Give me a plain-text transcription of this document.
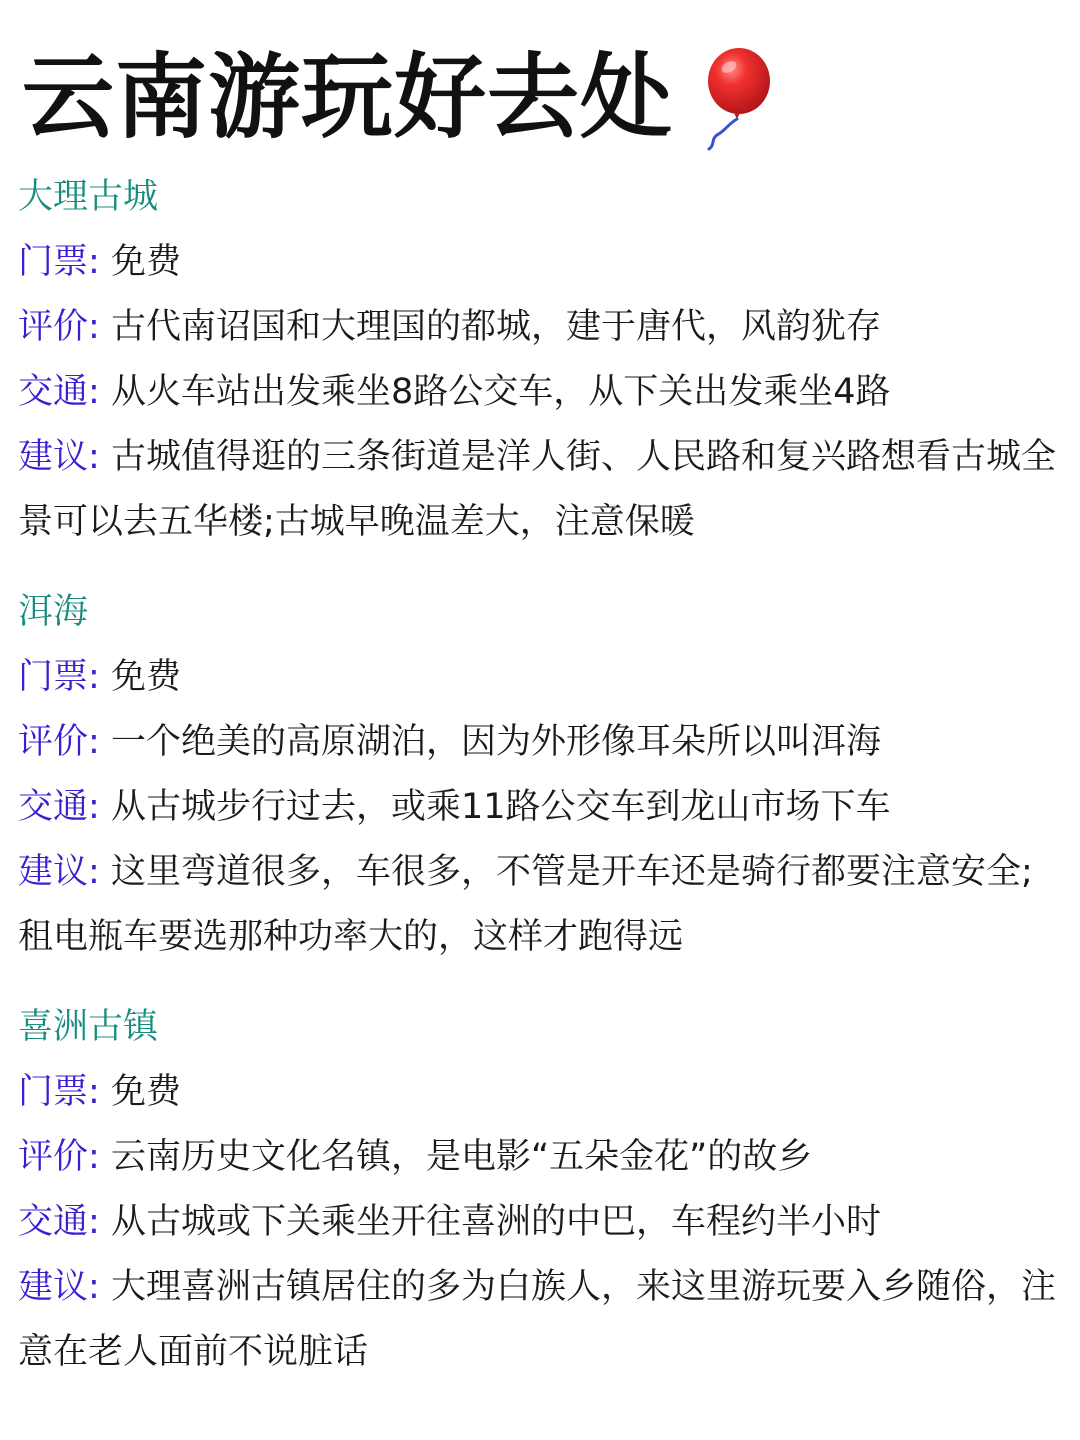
云南游玩好去处
大理古城
门票: 免费
评价: 古代南诏国和大理国的都城，建于唐代，风韵犹存
交通: 从火车站出发乘坐8路公交车，从下关出发乘坐4路
建议: 古城值得逛的三条街道是洋人街、人民路和复兴路想看古城全景可以去五华楼;古城早晚温差大，注意保暖
洱海
门票: 免费
评价: 一个绝美的高原湖泊，因为外形像耳朵所以叫洱海
交通: 从古城步行过去，或乘11路公交车到龙山市场下车
建议: 这里弯道很多，车很多，不管是开车还是骑行都要注意安全;租电瓶车要选那种功率大的，这样才跑得远
喜洲古镇
门票: 免费
评价: 云南历史文化名镇，是电影“五朵金花”的故乡
交通: 从古城或下关乘坐开往喜洲的中巴，车程约半小时
建议: 大理喜洲古镇居住的多为白族人，来这里游玩要入乡随俗，注意在老人面前不说脏话
